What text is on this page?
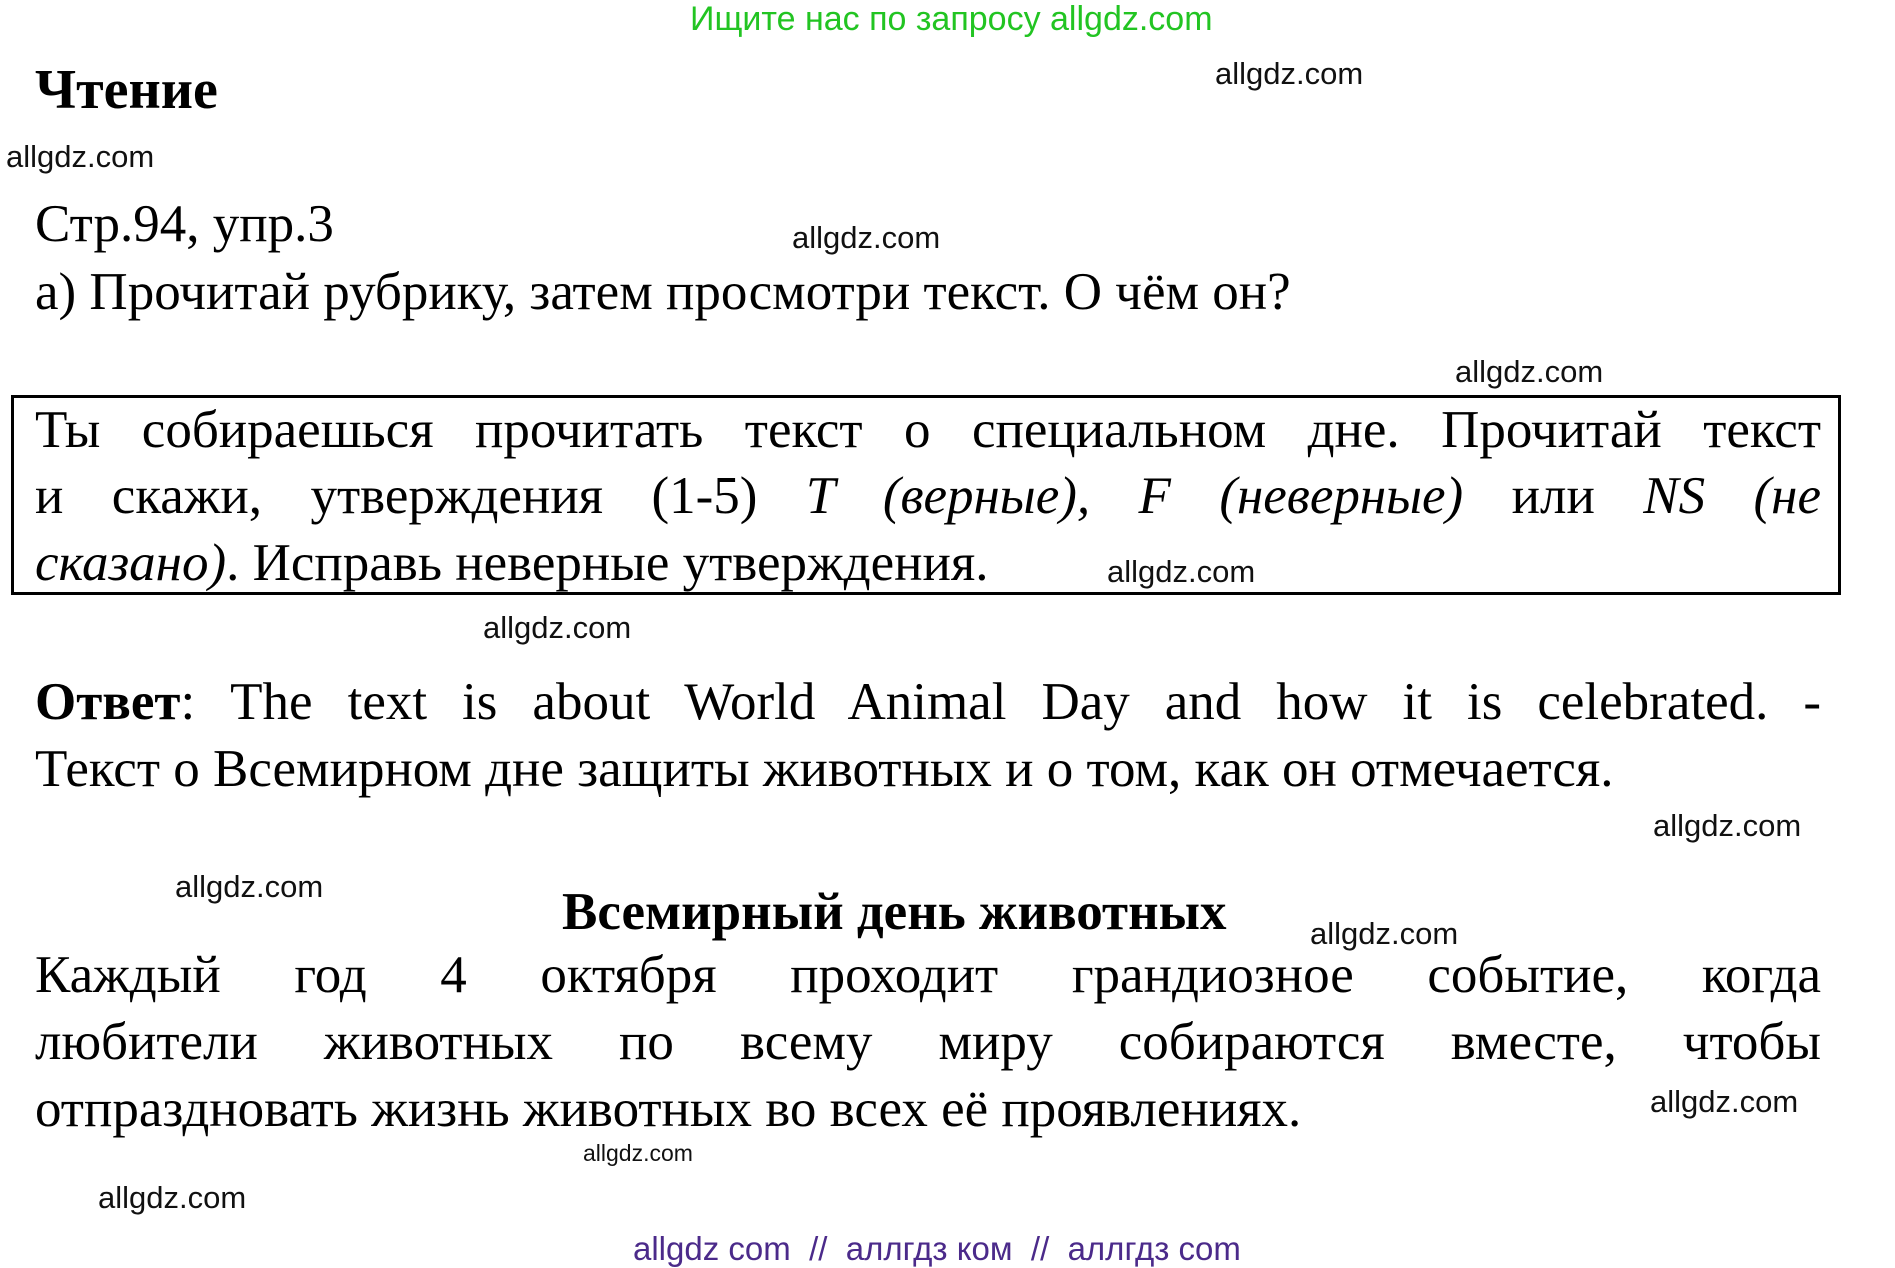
Ищите нас по запросу allgdz.com
Чтение
Стр.94, упр.3
a) Прочитай рубрику, затем просмотри текст. О чём он?
Ты собираешься прочитать текст о специальном дне. Прочитай текст
и скажи, утверждения (1-5) T (верные), F (неверные) или NS (не
сказано). Исправь неверные утверждения.
Ответ: The text is about World Animal Day and how it is celebrated. -
Текст о Всемирном дне защиты животных и о том, как он отмечается.
Всемирный день животных
Каждый год 4 октября проходит грандиозное событие, когда
любители животных по всему миру собираются вместе, чтобы
отпраздновать жизнь животных во всех её проявлениях.
allgdz.com
allgdz.com
allgdz.com
allgdz.com
allgdz.com
allgdz.com
allgdz.com
allgdz.com
allgdz.com
allgdz.com
allgdz.com
allgdz.com
allgdz com  //  аллгдз ком  //  аллгдз com
